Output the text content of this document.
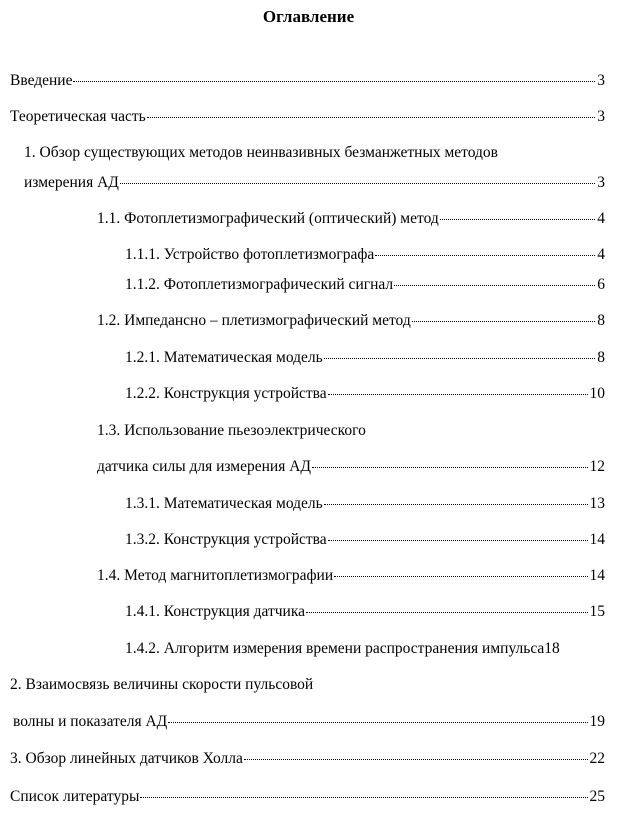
Оглавление
Введение	3
Теоретическая часть	3
1. Обзор существующих методов неинвазивных безманжетных методов
измерения АД	3
1.1. Фотоплетизмографический (оптический) метод	4
1.1.1. Устройство фотоплетизмографа	4
1.1.2. Фотоплетизмографический сигнал	6
1.2. Импедансно – плетизмографический метод	8
1.2.1. Математическая модель	8
1.2.2. Конструкция устройства	10
1.3. Использование пьезоэлектрического
датчика силы для измерения АД	12
1.3.1. Математическая модель	13
1.3.2. Конструкция устройства	14
1.4. Метод магнитоплетизмографии	14
1.4.1. Конструкция датчика	15
1.4.2. Алгоритм измерения времени распространения импульса 18
2. Взаимосвязь величины скорости пульсовой
волны и показателя АД	19
3. Обзор линейных датчиков Холла	22
Список литературы	25
